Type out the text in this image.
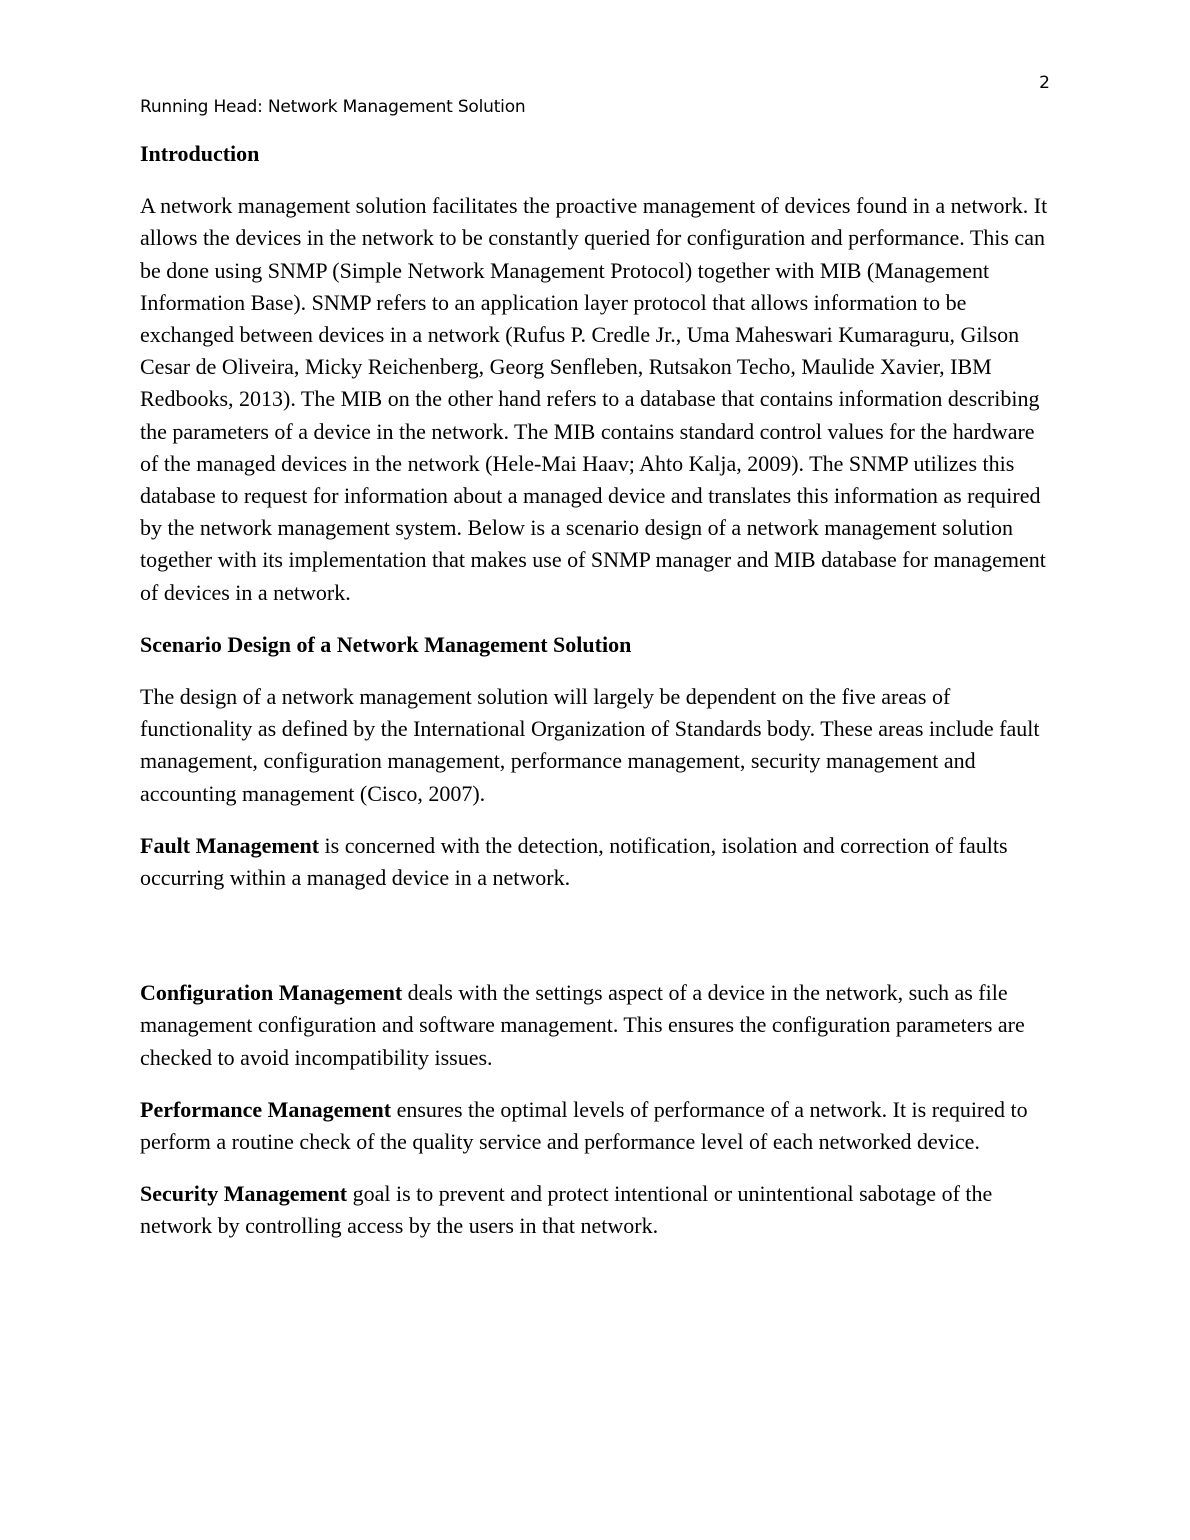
2
Running Head: Network Management Solution
Introduction

A network management solution facilitates the proactive management of devices found in a network. It allows the devices in the network to be constantly queried for configuration and performance. This can be done using SNMP (Simple Network Management Protocol) together with MIB (Management Information Base). SNMP refers to an application layer protocol that allows information to be exchanged between devices in a network (Rufus P. Credle Jr., Uma Maheswari Kumaraguru, Gilson Cesar de Oliveira, Micky Reichenberg, Georg Senfleben, Rutsakon Techo, Maulide Xavier, IBM Redbooks, 2013). The MIB on the other hand refers to a database that contains information describing the parameters of a device in the network. The MIB contains standard control values for the hardware of the managed devices in the network (Hele-Mai Haav; Ahto Kalja, 2009). The SNMP utilizes this database to request for information about a managed device and translates this information as required by the network management system. Below is a scenario design of a network management solution together with its implementation that makes use of SNMP manager and MIB database for management of devices in a network.

Scenario Design of a Network Management Solution

The design of a network management solution will largely be dependent on the five areas of functionality as defined by the International Organization of Standards body. These areas include fault management, configuration management, performance management, security management and accounting management (Cisco, 2007).

Fault Management is concerned with the detection, notification, isolation and correction of faults occurring within a managed device in a network.

Configuration Management deals with the settings aspect of a device in the network, such as file management configuration and software management. This ensures the configuration parameters are checked to avoid incompatibility issues.

Performance Management ensures the optimal levels of performance of a network. It is required to perform a routine check of the quality service and performance level of each networked device.

Security Management goal is to prevent and protect intentional or unintentional sabotage of the network by controlling access by the users in that network.
